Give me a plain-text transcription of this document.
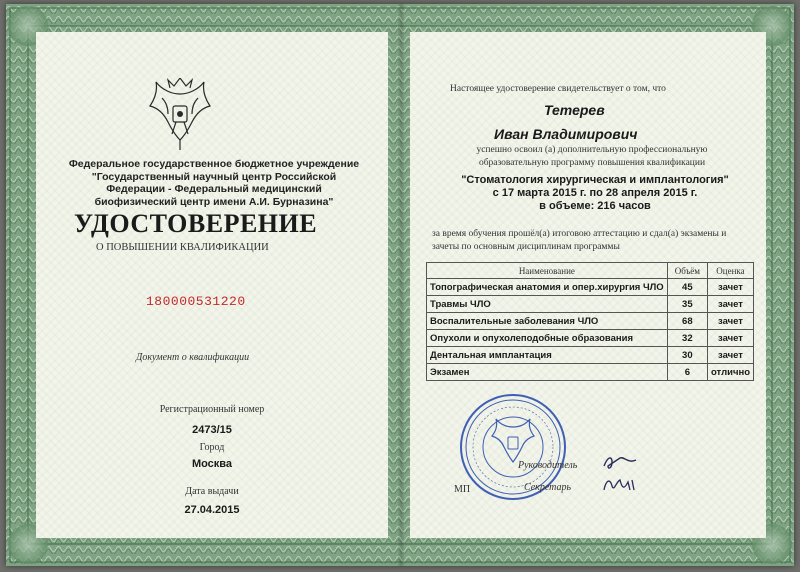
Федеральное государственное бюджетное учреждение
"Государственный научный центр Российской
Федерации - Федеральный медицинский
биофизический центр имени А.И. Бурназина"
УДОСТОВЕРЕНИЕ
О ПОВЫШЕНИИ КВАЛИФИКАЦИИ
180000531220
Документ о квалификации
Регистрационный номер
2473/15
Город
Москва
Дата выдачи
27.04.2015
Настоящее удостоверение свидетельствует о том, что
Тетерев
Иван Владимирович
успешно освоил (а) дополнительную профессиональную
образовательную программу повышения квалификации
"Стоматология хирургическая и имплантология"
с 17 марта 2015 г. по 28 апреля 2015 г.
в объеме: 216 часов
за время обучения прошёл(а) итоговою аттестацию и сдал(а) экзамены и
зачеты по основным дисциплинам программы
Наименование	Объём	Оценка
Топографическая анатомия и опер.хирургия ЧЛО	45	зачет
Травмы ЧЛО	35	зачет
Воспалительные заболевания ЧЛО	68	зачет
Опухоли и опухолеподобные образования	32	зачет
Дентальная имплантация	30	зачет
Экзамен	6	отлично
Руководитель
Секретарь
МП
